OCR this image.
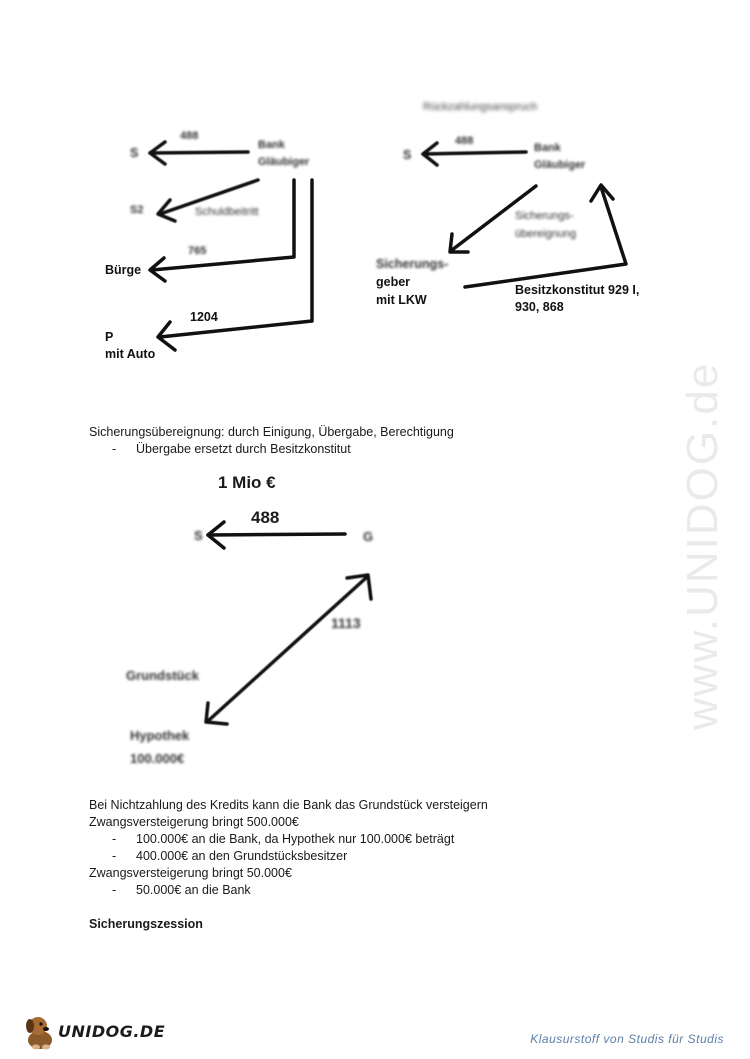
S
488
Bank
Gläubiger
S2	Schuldbeitritt
765
Bürge
1204
P
mit Auto
Rückzahlungsanspruch
S
488
Bank
Gläubiger
Sicherungs-
übereignung
Sicherungs-
geber
mit LKW
Besitzkonstitut 929 I,
930, 868
Sicherungsübereignung: durch Einigung, Übergabe, Berechtigung
- Übergabe ersetzt durch Besitzkonstitut
1 Mio €
488
S	G
1113
Grundstück
Hypothek
100.000€
Bei Nichtzahlung des Kredits kann die Bank das Grundstück versteigern
Zwangsversteigerung bringt 500.000€
- 100.000€ an die Bank, da Hypothek nur 100.000€ beträgt
- 400.000€ an den Grundstücksbesitzer
Zwangsversteigerung bringt 50.000€
- 50.000€ an die Bank
Sicherungszession
www.UNIDOG.de
UNIDOG.DE	Klausurstoff von Studis für Studis
